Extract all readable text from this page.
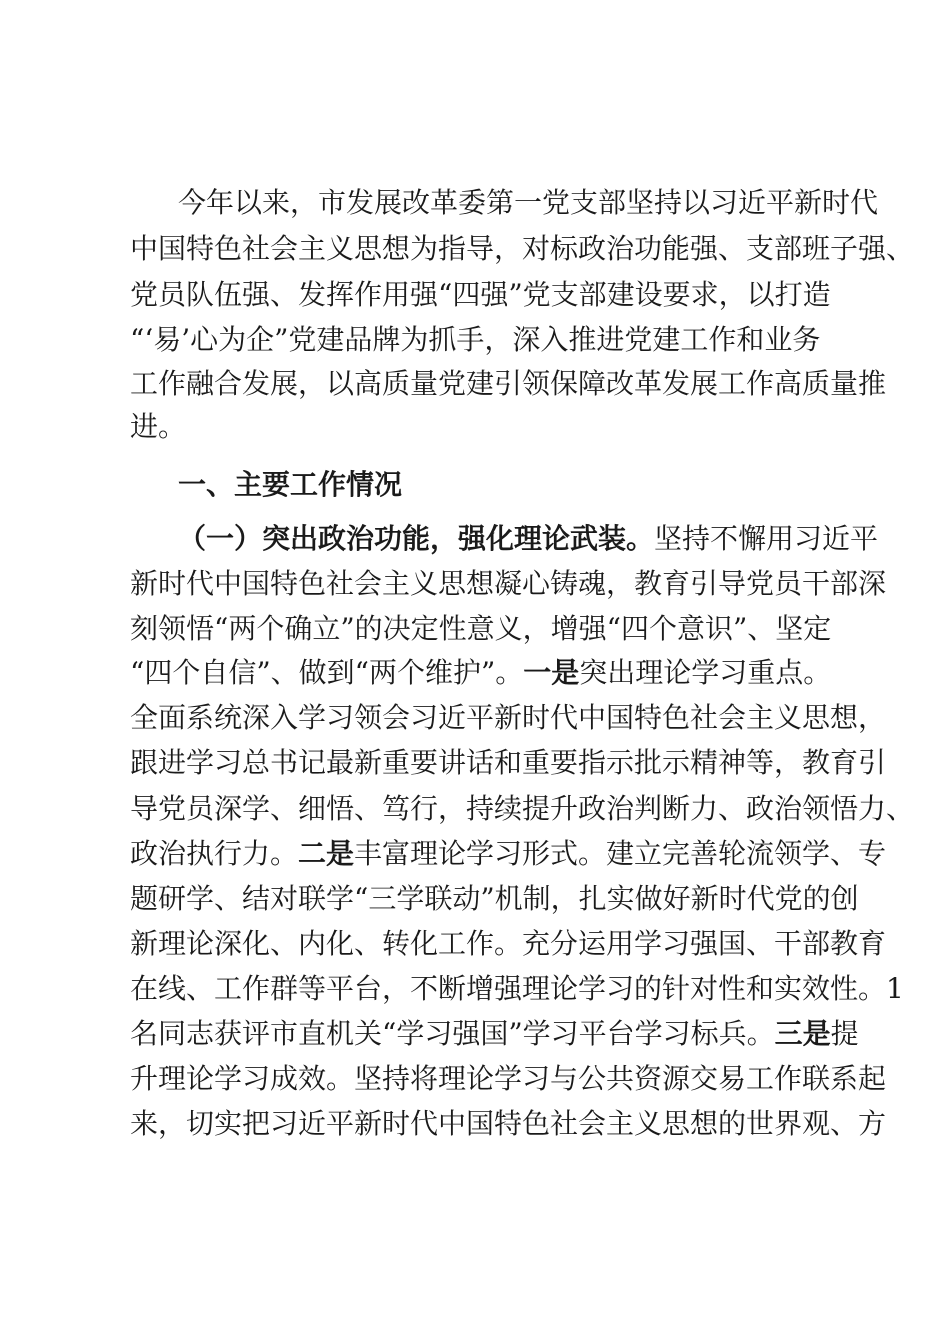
今年以来，市发展改革委第一党支部坚持以习近平新时代
中国特色社会主义思想为指导，对标政治功能强、支部班子强、
党员队伍强、发挥作用强“四强”党支部建设要求，以打造
“‘易’心为企”党建品牌为抓手，深入推进党建工作和业务
工作融合发展，以高质量党建引领保障改革发展工作高质量推
进。
一、主要工作情况
（一）突出政治功能，强化理论武装。坚持不懈用习近平
新时代中国特色社会主义思想凝心铸魂，教育引导党员干部深
刻领悟“两个确立”的决定性意义，增强“四个意识”、坚定
“四个自信”、做到“两个维护”。一是突出理论学习重点。
全面系统深入学习领会习近平新时代中国特色社会主义思想，
跟进学习总书记最新重要讲话和重要指示批示精神等，教育引
导党员深学、细悟、笃行，持续提升政治判断力、政治领悟力、
政治执行力。二是丰富理论学习形式。建立完善轮流领学、专
题研学、结对联学“三学联动”机制，扎实做好新时代党的创
新理论深化、内化、转化工作。充分运用学习强国、干部教育
在线、工作群等平台，不断增强理论学习的针对性和实效性。1
名同志获评市直机关“学习强国”学习平台学习标兵。三是提
升理论学习成效。坚持将理论学习与公共资源交易工作联系起
来，切实把习近平新时代中国特色社会主义思想的世界观、方
